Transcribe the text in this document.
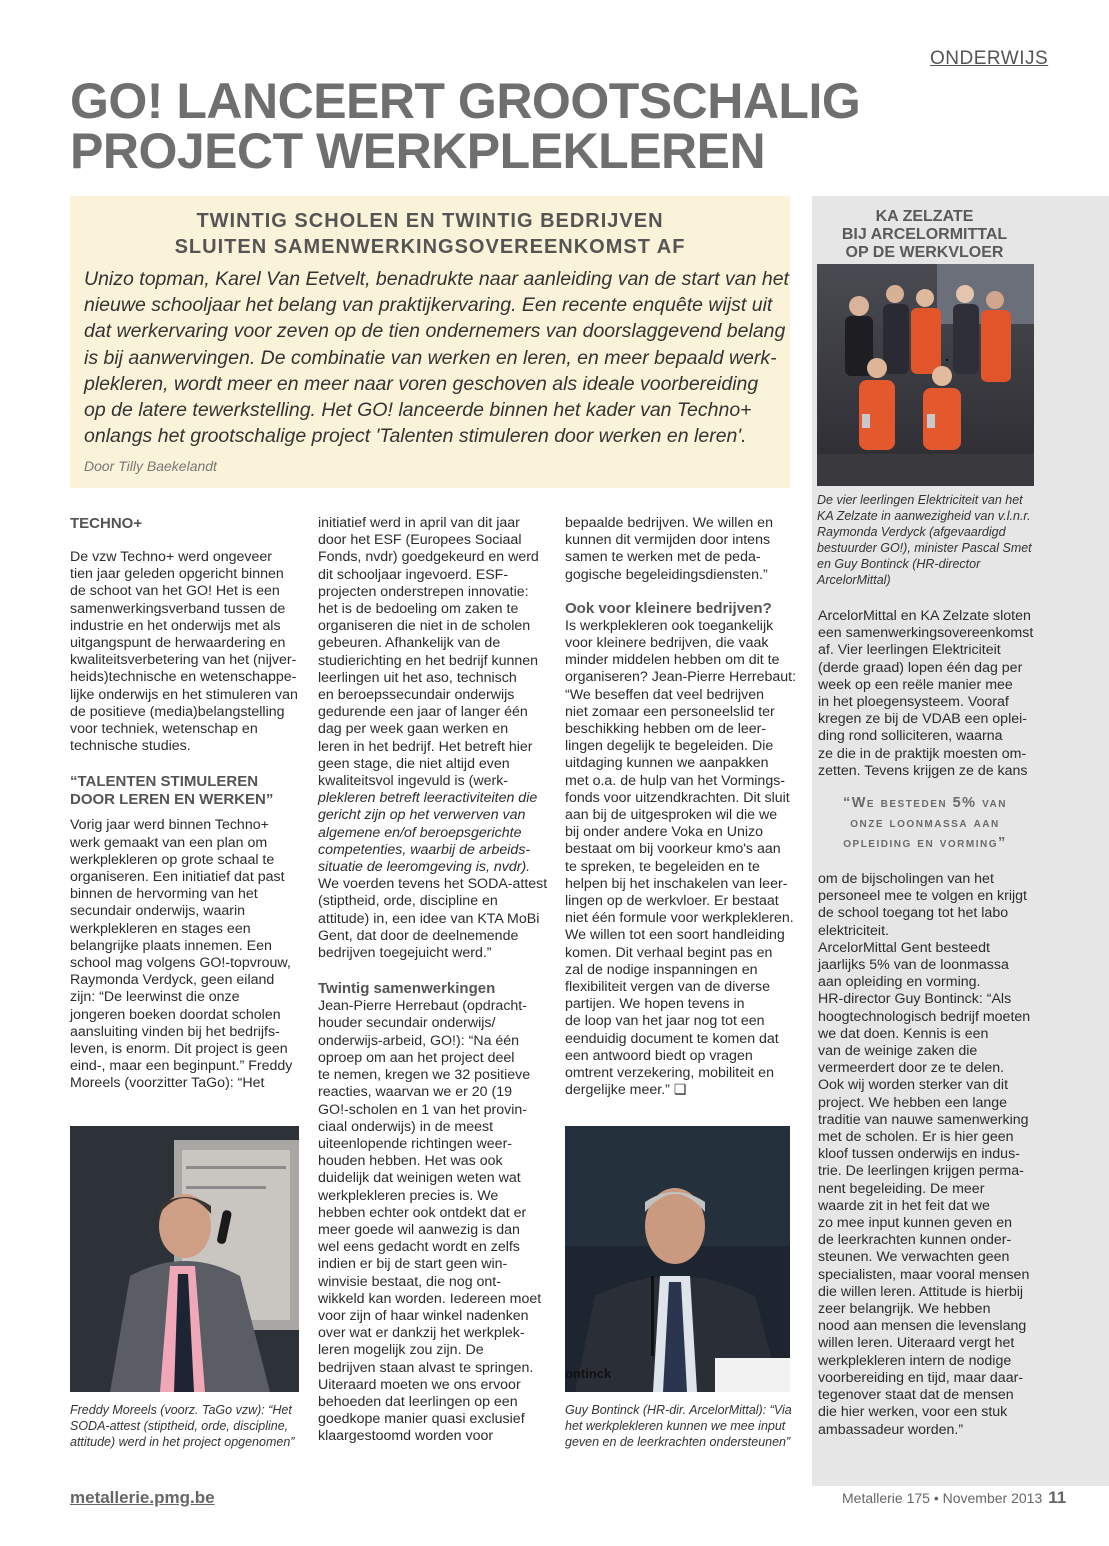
ONDERWIJS
GO! LANCEERT GROOTSCHALIG
PROJECT WERKPLEKLEREN
TWINTIG SCHOLEN EN TWINTIG BEDRIJVEN
SLUITEN SAMENWERKINGSOVEREENKOMST AF
Unizo topman, Karel Van Eetvelt, benadrukte naar aanleiding van de start van het
nieuwe schooljaar het belang van praktijkervaring. Een recente enquête wijst uit
dat werkervaring voor zeven op de tien ondernemers van doorslaggevend belang
is bij aanwervingen. De combinatie van werken en leren, en meer bepaald werk-
plekleren, wordt meer en meer naar voren geschoven als ideale voorbereiding
op de latere tewerkstelling. Het GO! lanceerde binnen het kader van Techno+
onlangs het grootschalige project 'Talenten stimuleren door werken en leren'.
Door Tilly Baekelandt
KA ZELZATE
BIJ ARCELORMITTAL
OP DE WERKVLOER
De vier leerlingen Elektriciteit van het
KA Zelzate in aanwezigheid van v.l.n.r.
Raymonda Verdyck (afgevaardigd
bestuurder GO!), minister Pascal Smet
en Guy Bontinck (HR-director
ArcelorMittal)
ArcelorMittal en KA Zelzate sloten
een samenwerkingsovereenkomst
af. Vier leerlingen Elektriciteit
(derde graad) lopen één dag per
week op een reële manier mee
in het ploegensysteem. Vooraf
kregen ze bij de VDAB een oplei-
ding rond solliciteren, waarna
ze die in de praktijk moesten om-
zetten. Tevens krijgen ze de kans
“We besteden 5% van
onze loonmassa aan
opleiding en vorming”
om de bijscholingen van het
personeel mee te volgen en krijgt
de school toegang tot het labo
elektriciteit.
ArcelorMittal Gent besteedt
jaarlijks 5% van de loonmassa
aan opleiding en vorming.
HR-director Guy Bontinck: “Als
hoogtechnologisch bedrijf moeten
we dat doen. Kennis is een
van de weinige zaken die
vermeerdert door ze te delen.
Ook wij worden sterker van dit
project. We hebben een lange
traditie van nauwe samenwerking
met de scholen. Er is hier geen
kloof tussen onderwijs en indus-
trie. De leerlingen krijgen perma-
nent begeleiding. De meer
waarde zit in het feit dat we
zo mee input kunnen geven en
de leerkrachten kunnen onder-
steunen. We verwachten geen
specialisten, maar vooral mensen
die willen leren. Attitude is hierbij
zeer belangrijk. We hebben
nood aan mensen die levenslang
willen leren. Uiteraard vergt het
werkplekleren intern de nodige
voorbereiding en tijd, maar daar-
tegenover staat dat de mensen
die hier werken, voor een stuk
ambassadeur worden.”
TECHNO+
De vzw Techno+ werd ongeveer
tien jaar geleden opgericht binnen
de schoot van het GO! Het is een
samenwerkingsverband tussen de
industrie en het onderwijs met als
uitgangspunt de herwaardering en
kwaliteitsverbetering van het (nijver-
heids)technische en wetenschappe-
lijke onderwijs en het stimuleren van
de positieve (media)belangstelling
voor techniek, wetenschap en
technische studies.
“TALENTEN STIMULEREN
DOOR LEREN EN WERKEN”
Vorig jaar werd binnen Techno+
werk gemaakt van een plan om
werkplekleren op grote schaal te
organiseren. Een initiatief dat past
binnen de hervorming van het
secundair onderwijs, waarin
werkplekleren en stages een
belangrijke plaats innemen. Een
school mag volgens GO!-topvrouw,
Raymonda Verdyck, geen eiland
zijn: “De leerwinst die onze
jongeren boeken doordat scholen
aansluiting vinden bij het bedrijfs-
leven, is enorm. Dit project is geen
eind-, maar een beginpunt.” Freddy
Moreels (voorzitter TaGo): “Het
Freddy Moreels (voorz. TaGo vzw): “Het
SODA-attest (stiptheid, orde, discipline,
attitude) werd in het project opgenomen”
initiatief werd in april van dit jaar
door het ESF (Europees Sociaal
Fonds, nvdr) goedgekeurd en werd
dit schooljaar ingevoerd. ESF-
projecten onderstrepen innovatie:
het is de bedoeling om zaken te
organiseren die niet in de scholen
gebeuren. Afhankelijk van de
studierichting en het bedrijf kunnen
leerlingen uit het aso, technisch
en beroepssecundair onderwijs
gedurende een jaar of langer één
dag per week gaan werken en
leren in het bedrijf. Het betreft hier
geen stage, die niet altijd even
kwaliteitsvol ingevuld is (werk-
plekleren betreft leeractiviteiten die
gericht zijn op het verwerven van
algemene en/of beroepsgerichte
competenties, waarbij de arbeids-
situatie de leeromgeving is, nvdr).
We voerden tevens het SODA-attest
(stiptheid, orde, discipline en
attitude) in, een idee van KTA MoBi
Gent, dat door de deelnemende
bedrijven toegejuicht werd.”
Twintig samenwerkingen
Jean-Pierre Herrebaut (opdracht-
houder secundair onderwijs/
onderwijs-arbeid, GO!): “Na één
oproep om aan het project deel
te nemen, kregen we 32 positieve
reacties, waarvan we er 20 (19
GO!-scholen en 1 van het provin-
ciaal onderwijs) in de meest
uiteenlopende richtingen weer-
houden hebben. Het was ook
duidelijk dat weinigen weten wat
werkplekleren precies is. We
hebben echter ook ontdekt dat er
meer goede wil aanwezig is dan
wel eens gedacht wordt en zelfs
indien er bij de start geen win-
winvisie bestaat, die nog ont-
wikkeld kan worden. Iedereen moet
voor zijn of haar winkel nadenken
over wat er dankzij het werkplek-
leren mogelijk zou zijn. De
bedrijven staan alvast te springen.
Uiteraard moeten we ons ervoor
behoeden dat leerlingen op een
goedkope manier quasi exclusief
klaargestoomd worden voor
bepaalde bedrijven. We willen en
kunnen dit vermijden door intens
samen te werken met de peda-
gogische begeleidingsdiensten.”
Ook voor kleinere bedrijven?
Is werkplekleren ook toegankelijk
voor kleinere bedrijven, die vaak
minder middelen hebben om dit te
organiseren? Jean-Pierre Herrebaut:
“We beseffen dat veel bedrijven
niet zomaar een personeelslid ter
beschikking hebben om de leer-
lingen degelijk te begeleiden. Die
uitdaging kunnen we aanpakken
met o.a. de hulp van het Vormings-
fonds voor uitzendkrachten. Dit sluit
aan bij de uitgesproken wil die we
bij onder andere Voka en Unizo
bestaat om bij voorkeur kmo's aan
te spreken, te begeleiden en te
helpen bij het inschakelen van leer-
lingen op de werkvloer. Er bestaat
niet één formule voor werkplekleren.
We willen tot een soort handleiding
komen. Dit verhaal begint pas en
zal de nodige inspanningen en
flexibiliteit vergen van de diverse
partijen. We hopen tevens in
de loop van het jaar nog tot een
eenduidig document te komen dat
een antwoord biedt op vragen
omtrent verzekering, mobiliteit en
dergelijke meer.” ❑
ontinck
Guy Bontinck (HR-dir. ArcelorMittal): “Via
het werkplekleren kunnen we mee input
geven en de leerkrachten ondersteunen”
metallerie.pmg.be	Metallerie 175 • November 2013 11
